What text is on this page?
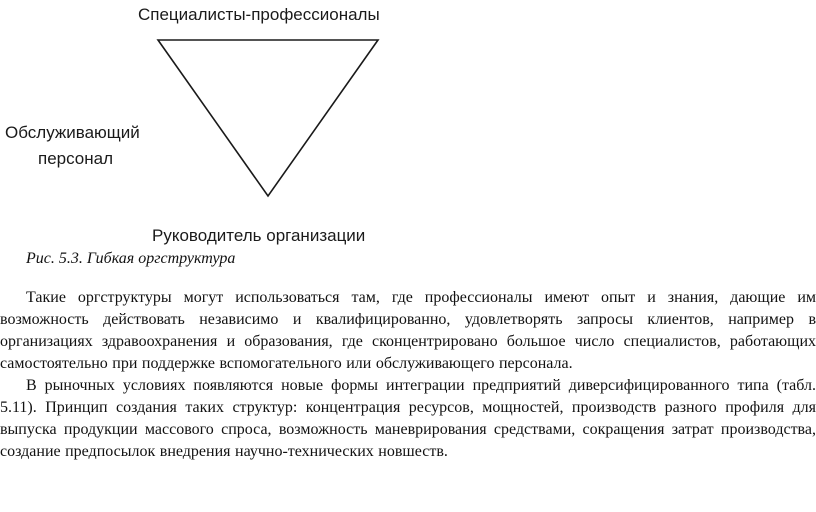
Специалисты-профессионалы
Обслуживающий
персонал
Руководитель организации
Рис. 5.3. Гибкая оргструктура

Такие оргструктуры могут использоваться там, где профессионалы имеют опыт и знания, дающие им возможность действовать независимо и квалифицированно, удовлетворять запросы клиентов, например в организациях здравоохранения и образования, где сконцентрировано большое число специалистов, работающих самостоятельно при поддержке вспомогательного или обслуживающего персонала.

В рыночных условиях появляются новые формы интеграции предприятий диверсифицированного типа (табл. 5.11). Принцип создания таких структур: концентрация ресурсов, мощностей, производств разного профиля для выпуска продукции массового спроса, возможность маневрирования средствами, сокращения затрат производства, создание предпосылок внедрения научно-технических новшеств.
